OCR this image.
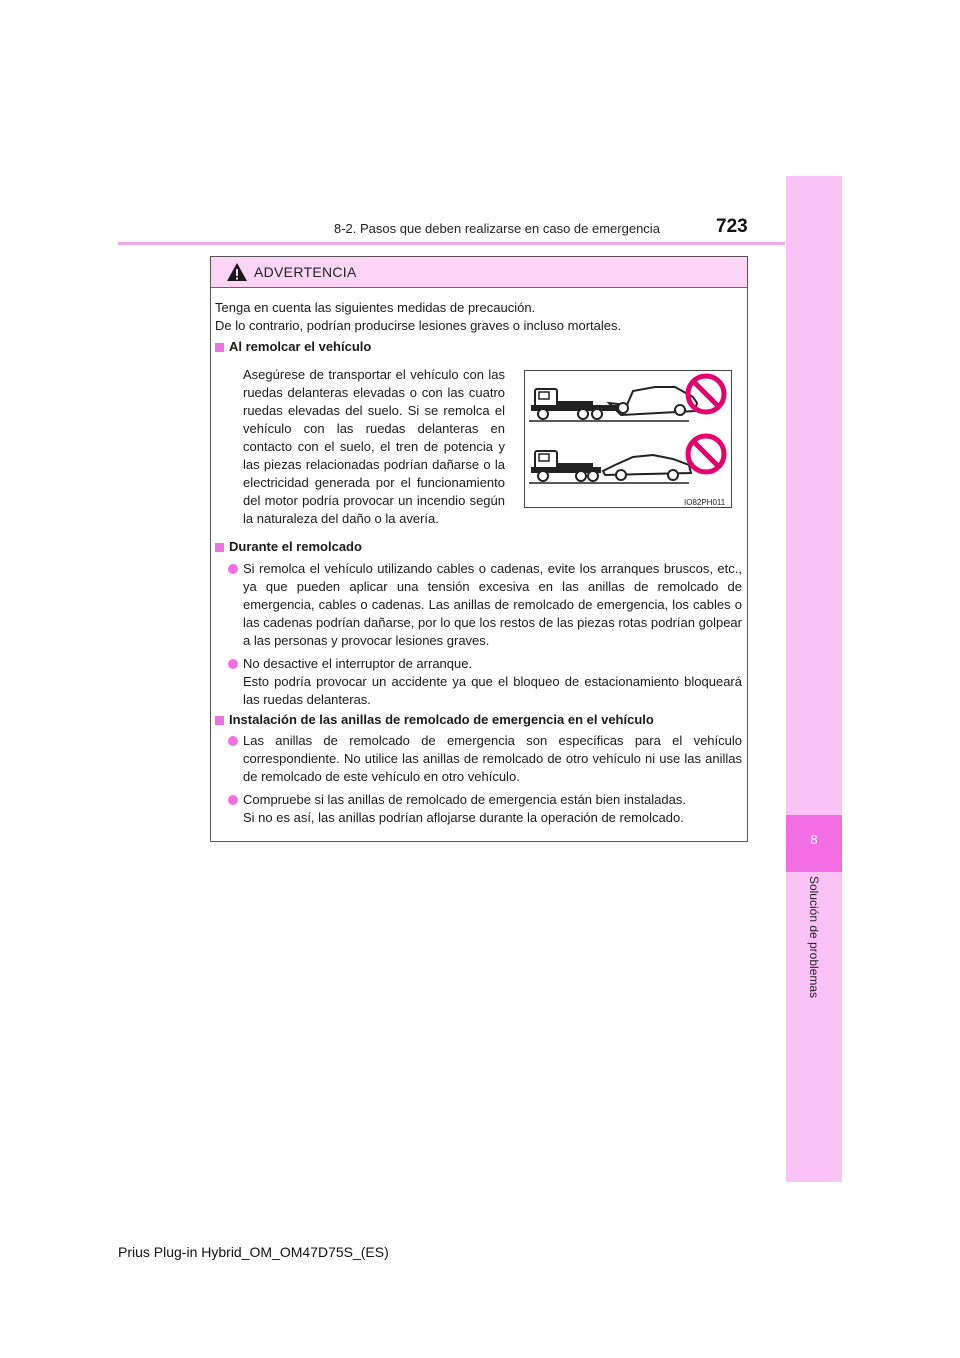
8-2. Pasos que deben realizarse en caso de emergencia	723
8
Solución de problemas
ADVERTENCIA
Tenga en cuenta las siguientes medidas de precaución.
De lo contrario, podrían producirse lesiones graves o incluso mortales.
Al remolcar el vehículo
Asegúrese de transportar el vehículo con las ruedas delanteras elevadas o con las cuatro ruedas elevadas del suelo. Si se remolca el vehículo con las ruedas delanteras en contacto con el suelo, el tren de potencia y las piezas relacionadas podrían dañarse o la electricidad generada por el funcionamiento del motor podría provocar un incendio según la naturaleza del daño o la avería.
IO82PH011
Durante el remolcado
Si remolca el vehículo utilizando cables o cadenas, evite los arranques bruscos, etc., ya que pueden aplicar una tensión excesiva en las anillas de remolcado de emergencia, cables o cadenas. Las anillas de remolcado de emergencia, los cables o las cadenas podrían dañarse, por lo que los restos de las piezas rotas podrían golpear a las personas y provocar lesiones graves.
No desactive el interruptor de arranque.
Esto podría provocar un accidente ya que el bloqueo de estacionamiento bloqueará las ruedas delanteras.
Instalación de las anillas de remolcado de emergencia en el vehículo
Las anillas de remolcado de emergencia son específicas para el vehículo correspondiente. No utilice las anillas de remolcado de otro vehículo ni use las anillas de remolcado de este vehículo en otro vehículo.
Compruebe si las anillas de remolcado de emergencia están bien instaladas.
Si no es así, las anillas podrían aflojarse durante la operación de remolcado.
Prius Plug-in Hybrid_OM_OM47D75S_(ES)
